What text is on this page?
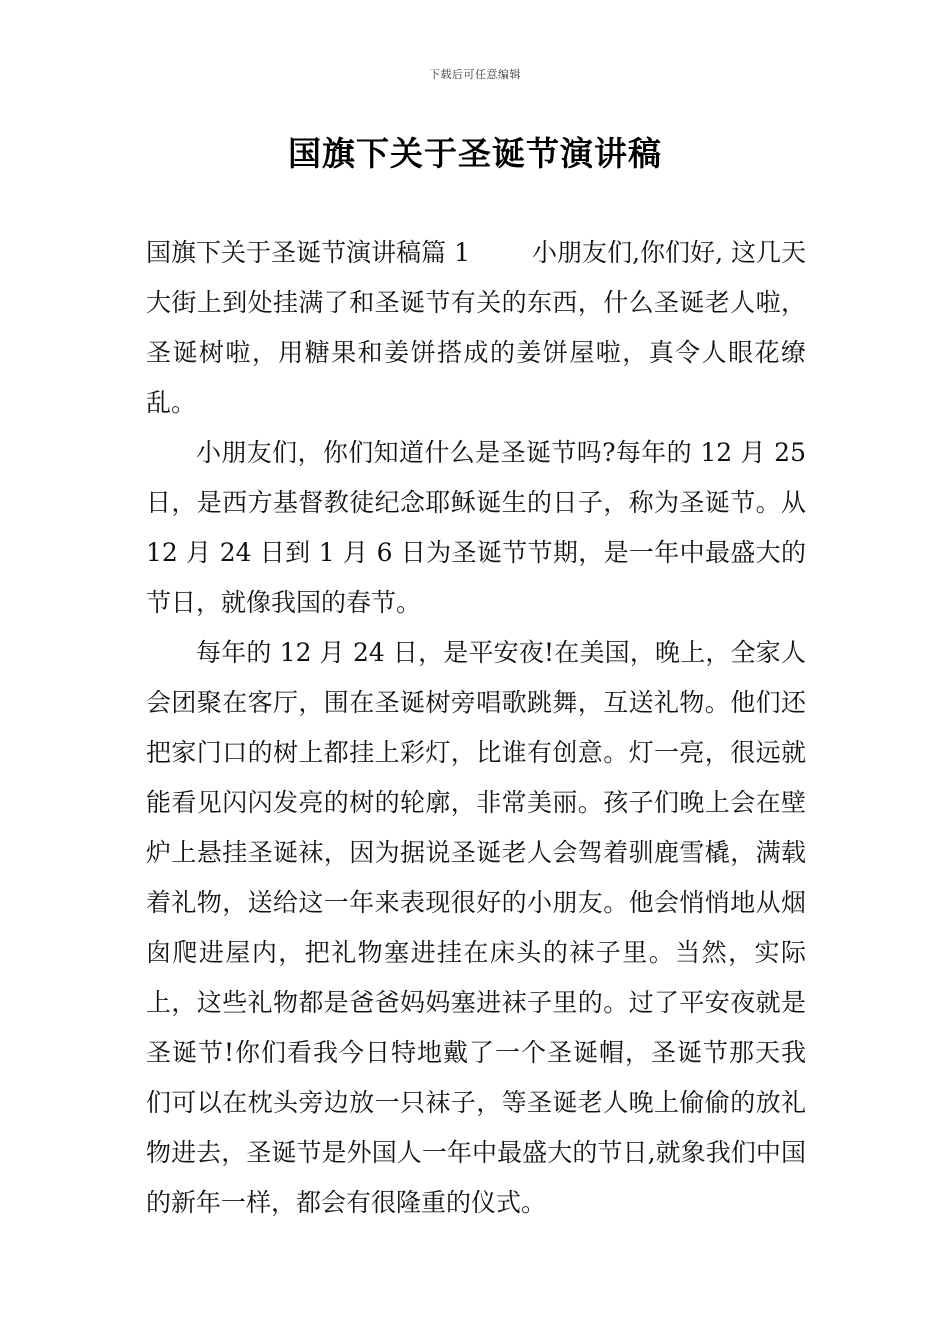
下载后可任意编辑
国旗下关于圣诞节演讲稿

国旗下关于圣诞节演讲稿篇 1 小朋友们,你们好, 这几天大街上到处挂满了和圣诞节有关的东西，什么圣诞老人啦，圣诞树啦，用糖果和姜饼搭成的姜饼屋啦，真令人眼花缭乱。

小朋友们，你们知道什么是圣诞节吗?每年的 12 月 25 日，是西方基督教徒纪念耶稣诞生的日子，称为圣诞节。从 12 月 24 日到 1 月 6 日为圣诞节节期，是一年中最盛大的节日，就像我国的春节。

每年的 12 月 24 日，是平安夜!在美国，晚上，全家人会团聚在客厅，围在圣诞树旁唱歌跳舞，互送礼物。他们还把家门口的树上都挂上彩灯，比谁有创意。灯一亮，很远就能看见闪闪发亮的树的轮廓，非常美丽。孩子们晚上会在壁炉上悬挂圣诞袜，因为据说圣诞老人会驾着驯鹿雪橇，满载着礼物，送给这一年来表现很好的小朋友。他会悄悄地从烟囱爬进屋内，把礼物塞进挂在床头的袜子里。当然，实际上，这些礼物都是爸爸妈妈塞进袜子里的。过了平安夜就是圣诞节!你们看我今日特地戴了一个圣诞帽，圣诞节那天我们可以在枕头旁边放一只袜子，等圣诞老人晚上偷偷的放礼物进去，圣诞节是外国人一年中最盛大的节日,就象我们中国的新年一样，都会有很隆重的仪式。
